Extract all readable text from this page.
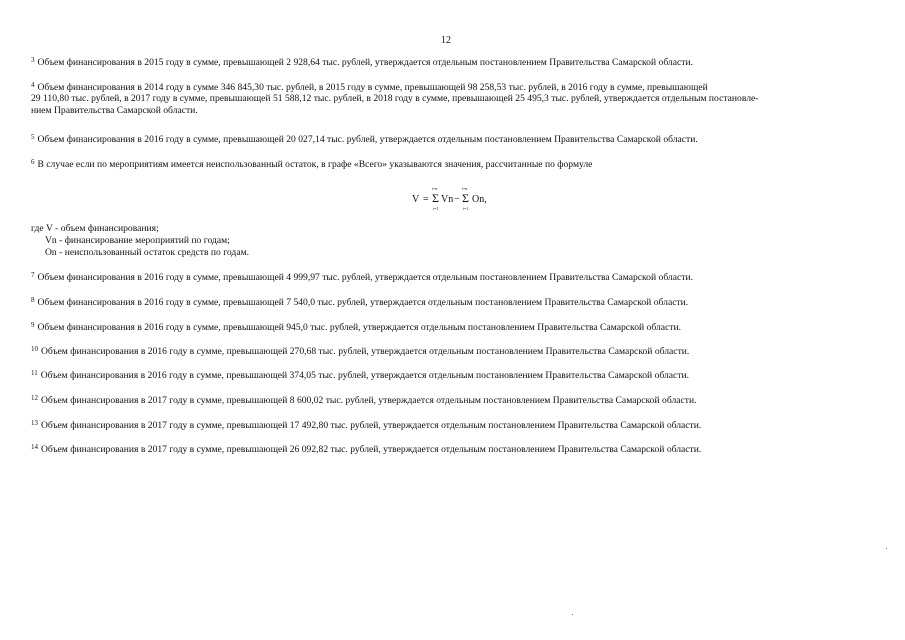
12
$^3$ Объем финансирования в 2015 году в сумме, превышающей 2 928,64 тыс. рублей, утверждается отдельным постановлением Правительства Самарской области.
$^4$ Объем финансирования в 2014 году в сумме 346 845,30 тыс. рублей, в 2015 году в сумме, превышающей 98 258,53 тыс. рублей, в 2016 году в сумме, превышающей
29 110,80 тыс. рублей, в 2017 году в сумме, превышающей 51 588,12 тыс. рублей, в 2018 году в сумме, превышающей 25 495,3 тыс. рублей, утверждается отдельным постановле-
нием Правительства Самарской области.
$^5$ Объем финансирования в 2016 году в сумме, превышающей 20 027,14 тыс. рублей, утверждается отдельным постановлением Правительства Самарской области.
$^6$ В случае если по мероприятиям имеется неиспользованный остаток, в графе «Всего» указываются значения, рассчитанные по формуле
V =
i=n
Σ
i=1
Vn −
i=n
Σ
i=1
On,
где V - объем финансирования;
Vn - финансирование мероприятий по годам;
On - неиспользованный остаток средств по годам.
$^7$ Объем финансирования в 2016 году в сумме, превышающей 4 999,97 тыс. рублей, утверждается отдельным постановлением Правительства Самарской области.
$^8$ Объем финансирования в 2016 году в сумме, превышающей 7 540,0 тыс. рублей, утверждается отдельным постановлением Правительства Самарской области.
$^9$ Объем финансирования в 2016 году в сумме, превышающей 945,0 тыс. рублей, утверждается отдельным постановлением Правительства Самарской области.
$^{10}$ Объем финансирования в 2016 году в сумме, превышающей 270,68 тыс. рублей, утверждается отдельным постановлением Правительства Самарской области.
$^{11}$ Объем финансирования в 2016 году в сумме, превышающей 374,05 тыс. рублей, утверждается отдельным постановлением Правительства Самарской области.
$^{12}$ Объем финансирования в 2017 году в сумме, превышающей 8 600,02 тыс. рублей, утверждается отдельным постановлением Правительства Самарской области.
$^{13}$ Объем финансирования в 2017 году в сумме, превышающей 17 492,80 тыс. рублей, утверждается отдельным постановлением Правительства Самарской области.
$^{14}$ Объем финансирования в 2017 году в сумме, превышающей 26 092,82 тыс. рублей, утверждается отдельным постановлением Правительства Самарской области.
